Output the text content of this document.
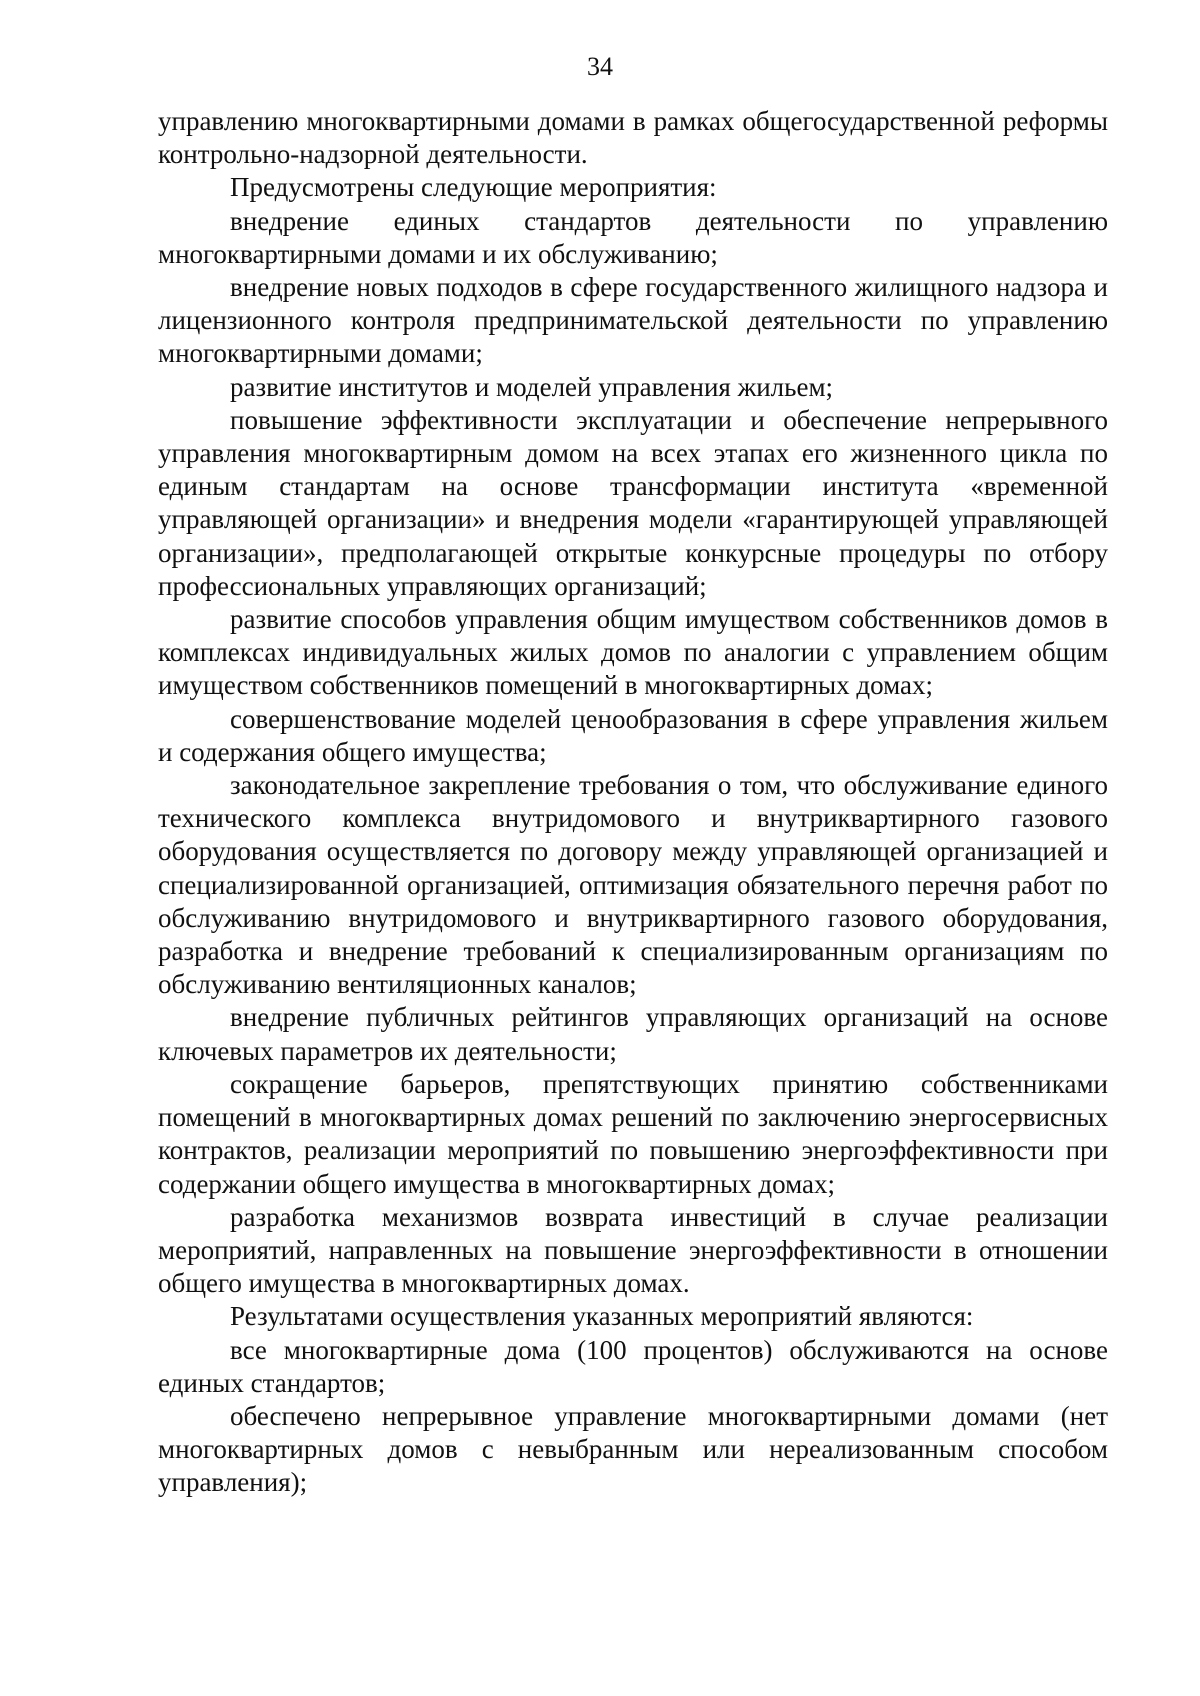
34

управлению многоквартирными домами в рамках общегосударственной реформы контрольно-надзорной деятельности.

Предусмотрены следующие мероприятия:

внедрение единых стандартов деятельности по управлению многоквартирными домами и их обслуживанию;

внедрение новых подходов в сфере государственного жилищного надзора и лицензионного контроля предпринимательской деятельности по управлению многоквартирными домами;

развитие институтов и моделей управления жильем;

повышение эффективности эксплуатации и обеспечение непрерывного управления многоквартирным домом на всех этапах его жизненного цикла по единым стандартам на основе трансформации института «временной управляющей организации» и внедрения модели «гарантирующей управляющей организации», предполагающей открытые конкурсные процедуры по отбору профессиональных управляющих организаций;

развитие способов управления общим имуществом собственников домов в комплексах индивидуальных жилых домов по аналогии с управлением общим имуществом собственников помещений в многоквартирных домах;

совершенствование моделей ценообразования в сфере управления жильем и содержания общего имущества;

законодательное закрепление требования о том, что обслуживание единого технического комплекса внутридомового и внутриквартирного газового оборудования осуществляется по договору между управляющей организацией и специализированной организацией, оптимизация обязательного перечня работ по обслуживанию внутридомового и внутриквартирного газового оборудования, разработка и внедрение требований к специализированным организациям по обслуживанию вентиляционных каналов;

внедрение публичных рейтингов управляющих организаций на основе ключевых параметров их деятельности;

сокращение барьеров, препятствующих принятию собственниками помещений в многоквартирных домах решений по заключению энергосервисных контрактов, реализации мероприятий по повышению энергоэффективности при содержании общего имущества в многоквартирных домах;

разработка механизмов возврата инвестиций в случае реализации мероприятий, направленных на повышение энергоэффективности в отношении общего имущества в многоквартирных домах.

Результатами осуществления указанных мероприятий являются:

все многоквартирные дома (100 процентов) обслуживаются на основе единых стандартов;

обеспечено непрерывное управление многоквартирными домами (нет многоквартирных домов с невыбранным или нереализованным способом управления);
